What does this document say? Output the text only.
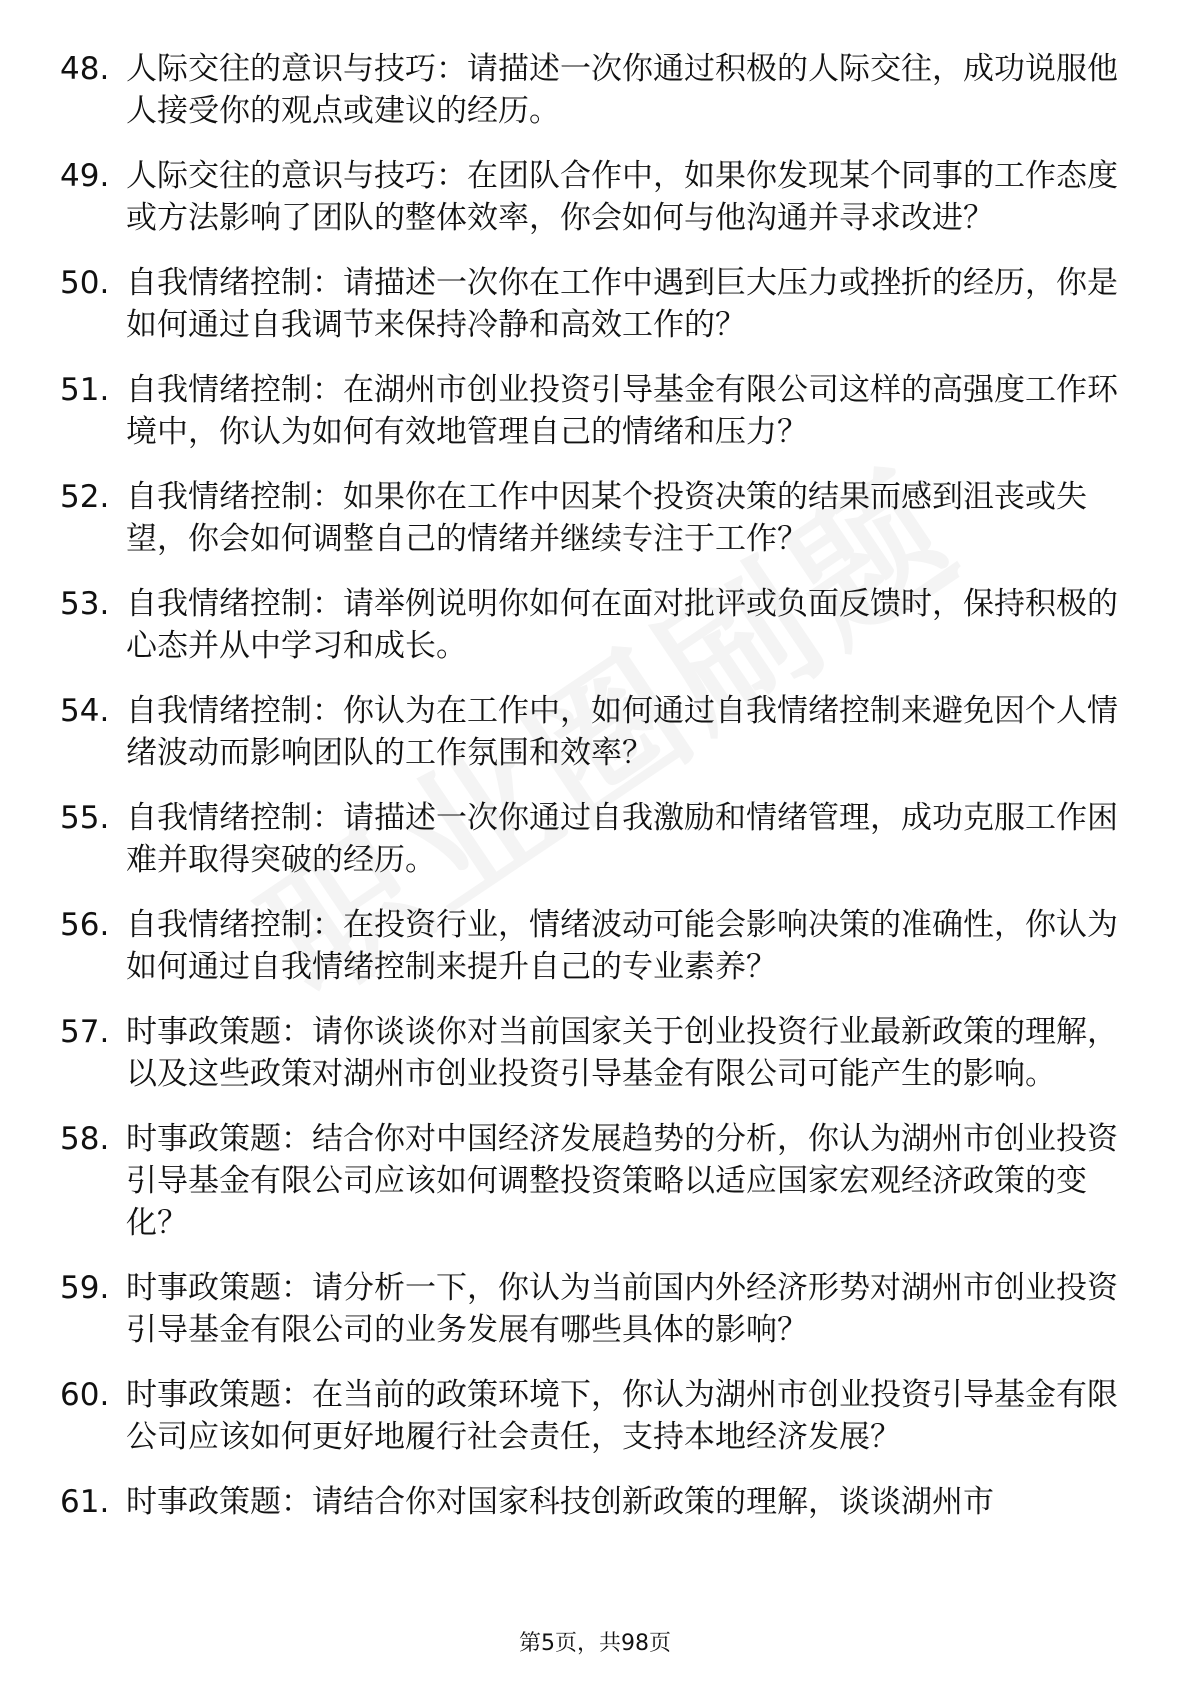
48. 人际交往的意识与技巧：请描述一次你通过积极的人际交往，成功说服他人接受你的观点或建议的经历。
49. 人际交往的意识与技巧：在团队合作中，如果你发现某个同事的工作态度或方法影响了团队的整体效率，你会如何与他沟通并寻求改进？
50. 自我情绪控制：请描述一次你在工作中遇到巨大压力或挫折的经历，你是如何通过自我调节来保持冷静和高效工作的？
51. 自我情绪控制：在湖州市创业投资引导基金有限公司这样的高强度工作环境中，你认为如何有效地管理自己的情绪和压力？
52. 自我情绪控制：如果你在工作中因某个投资决策的结果而感到沮丧或失望，你会如何调整自己的情绪并继续专注于工作？
53. 自我情绪控制：请举例说明你如何在面对批评或负面反馈时，保持积极的心态并从中学习和成长。
54. 自我情绪控制：你认为在工作中，如何通过自我情绪控制来避免因个人情绪波动而影响团队的工作氛围和效率？
55. 自我情绪控制：请描述一次你通过自我激励和情绪管理，成功克服工作困难并取得突破的经历。
56. 自我情绪控制：在投资行业，情绪波动可能会影响决策的准确性，你认为如何通过自我情绪控制来提升自己的专业素养？
57. 时事政策题：请你谈谈你对当前国家关于创业投资行业最新政策的理解，以及这些政策对湖州市创业投资引导基金有限公司可能产生的影响。
58. 时事政策题：结合你对中国经济发展趋势的分析，你认为湖州市创业投资引导基金有限公司应该如何调整投资策略以适应国家宏观经济政策的变化？
59. 时事政策题：请分析一下，你认为当前国内外经济形势对湖州市创业投资引导基金有限公司的业务发展有哪些具体的影响？
60. 时事政策题：在当前的政策环境下，你认为湖州市创业投资引导基金有限公司应该如何更好地履行社会责任，支持本地经济发展？
61. 时事政策题：请结合你对国家科技创新政策的理解，谈谈湖州市
第5页，共98页
